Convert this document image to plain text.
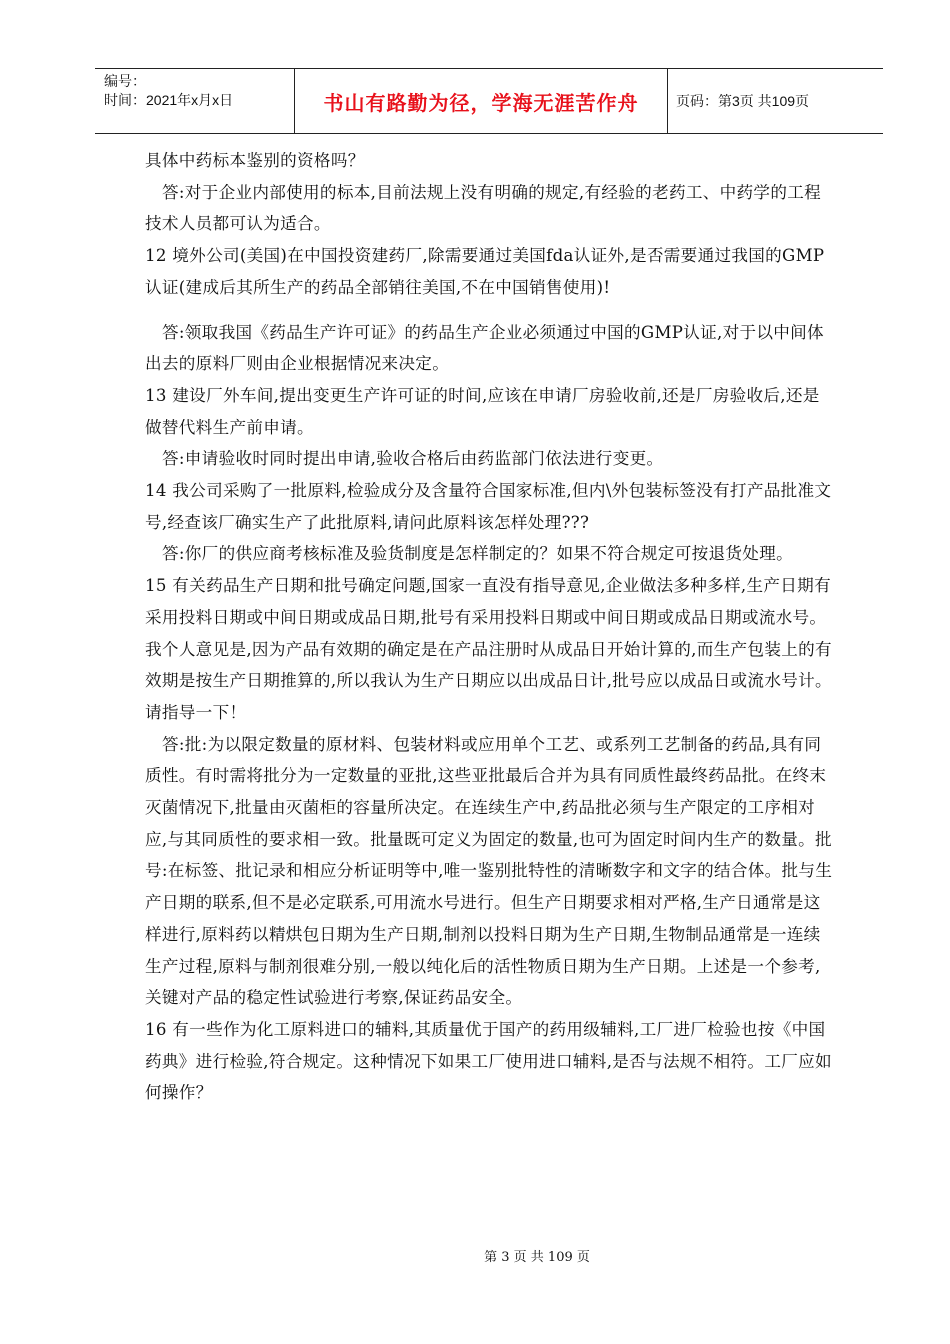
编号：
时间：2021年x月x日	书山有路勤为径，学海无涯苦作舟	页码：第3页 共109页

具体中药标本鉴别的资格吗？

答:对于企业内部使用的标本,目前法规上没有明确的规定,有经验的老药工、中药学的工程技术人员都可认为适合。

12 境外公司(美国)在中国投资建药厂,除需要通过美国fda认证外,是否需要通过我国的GMP认证(建成后其所生产的药品全部销往美国,不在中国销售使用)!

答:领取我国《药品生产许可证》的药品生产企业必须通过中国的GMP认证,对于以中间体出去的原料厂则由企业根据情况来决定。

13 建设厂外车间,提出变更生产许可证的时间,应该在申请厂房验收前,还是厂房验收后,还是做替代料生产前申请。

答:申请验收时同时提出申请,验收合格后由药监部门依法进行变更。

14 我公司采购了一批原料,检验成分及含量符合国家标准,但内\外包装标签没有打产品批准文号,经查该厂确实生产了此批原料,请问此原料该怎样处理???

答:你厂的供应商考核标准及验货制度是怎样制定的？如果不符合规定可按退货处理。

15 有关药品生产日期和批号确定问题,国家一直没有指导意见,企业做法多种多样,生产日期有采用投料日期或中间日期或成品日期,批号有采用投料日期或中间日期或成品日期或流水号。我个人意见是,因为产品有效期的确定是在产品注册时从成品日开始计算的,而生产包装上的有效期是按生产日期推算的,所以我认为生产日期应以出成品日计,批号应以成品日或流水号计。请指导一下！

答:批:为以限定数量的原材料、包装材料或应用单个工艺、或系列工艺制备的药品,具有同质性。有时需将批分为一定数量的亚批,这些亚批最后合并为具有同质性最终药品批。在终末灭菌情况下,批量由灭菌柜的容量所决定。在连续生产中,药品批必须与生产限定的工序相对应,与其同质性的要求相一致。批量既可定义为固定的数量,也可为固定时间内生产的数量。批号:在标签、批记录和相应分析证明等中,唯一鉴别批特性的清晰数字和文字的结合体。批与生产日期的联系,但不是必定联系,可用流水号进行。但生产日期要求相对严格,生产日通常是这样进行,原料药以精烘包日期为生产日期,制剂以投料日期为生产日期,生物制品通常是一连续生产过程,原料与制剂很难分别,一般以纯化后的活性物质日期为生产日期。上述是一个参考,关键对产品的稳定性试验进行考察,保证药品安全。

16 有一些作为化工原料进口的辅料,其质量优于国产的药用级辅料,工厂进厂检验也按《中国药典》进行检验,符合规定。这种情况下如果工厂使用进口辅料,是否与法规不相符。工厂应如何操作？

第 3 页 共 109 页
